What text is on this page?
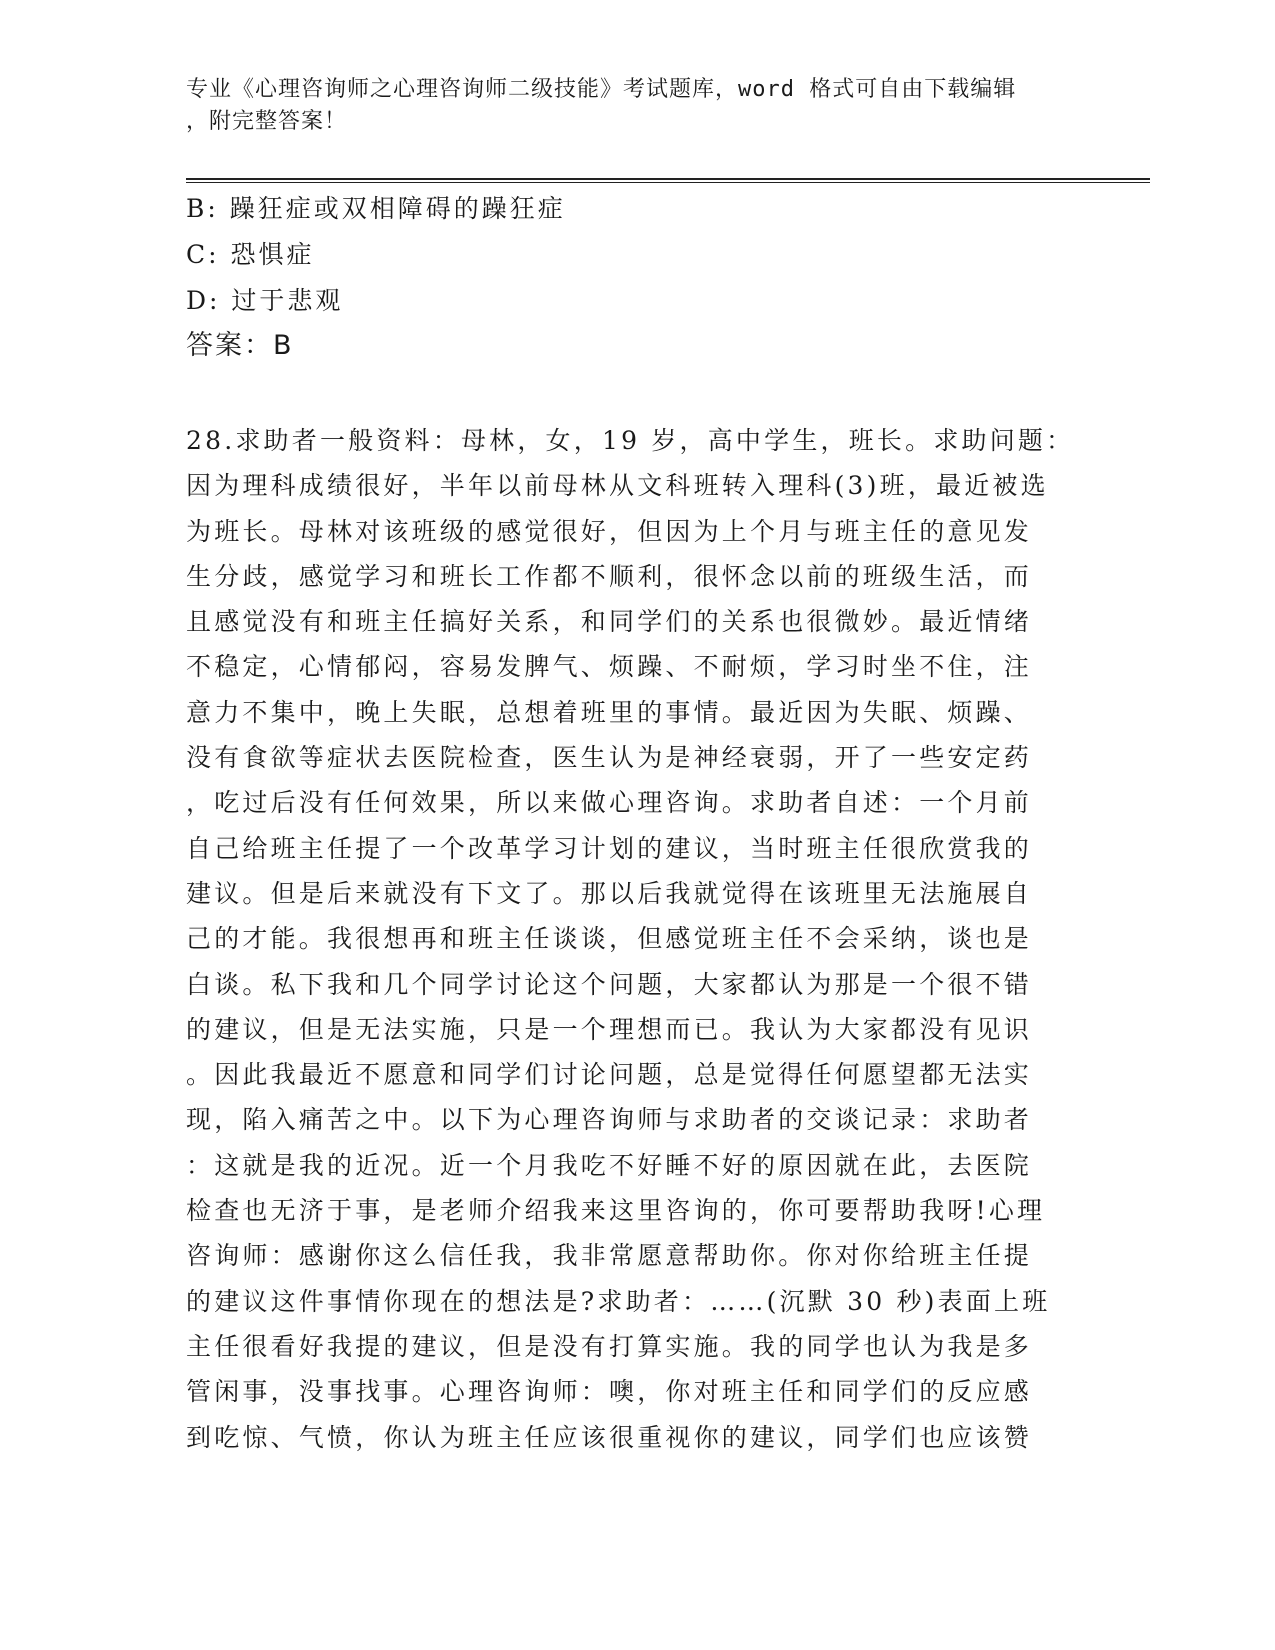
专业《心理咨询师之心理咨询师二级技能》考试题库，word 格式可自由下载编辑
，附完整答案！
B: 躁狂症或双相障碍的躁狂症
C: 恐惧症
D: 过于悲观
答案：B
28.求助者一般资料：母林，女，19 岁，高中学生，班长。求助问题：
因为理科成绩很好，半年以前母林从文科班转入理科(3)班，最近被选
为班长。母林对该班级的感觉很好，但因为上个月与班主任的意见发
生分歧，感觉学习和班长工作都不顺利，很怀念以前的班级生活，而
且感觉没有和班主任搞好关系，和同学们的关系也很微妙。最近情绪
不稳定，心情郁闷，容易发脾气、烦躁、不耐烦，学习时坐不住，注
意力不集中，晚上失眠，总想着班里的事情。最近因为失眠、烦躁、
没有食欲等症状去医院检查，医生认为是神经衰弱，开了一些安定药
，吃过后没有任何效果，所以来做心理咨询。求助者自述：一个月前
自己给班主任提了一个改革学习计划的建议，当时班主任很欣赏我的
建议。但是后来就没有下文了。那以后我就觉得在该班里无法施展自
己的才能。我很想再和班主任谈谈，但感觉班主任不会采纳，谈也是
白谈。私下我和几个同学讨论这个问题，大家都认为那是一个很不错
的建议，但是无法实施，只是一个理想而已。我认为大家都没有见识
。因此我最近不愿意和同学们讨论问题，总是觉得任何愿望都无法实
现，陷入痛苦之中。以下为心理咨询师与求助者的交谈记录：求助者
：这就是我的近况。近一个月我吃不好睡不好的原因就在此，去医院
检查也无济于事，是老师介绍我来这里咨询的，你可要帮助我呀!心理
咨询师：感谢你这么信任我，我非常愿意帮助你。你对你给班主任提
的建议这件事情你现在的想法是?求助者：……(沉默 30 秒)表面上班
主任很看好我提的建议，但是没有打算实施。我的同学也认为我是多
管闲事，没事找事。心理咨询师：噢，你对班主任和同学们的反应感
到吃惊、气愤，你认为班主任应该很重视你的建议，同学们也应该赞
